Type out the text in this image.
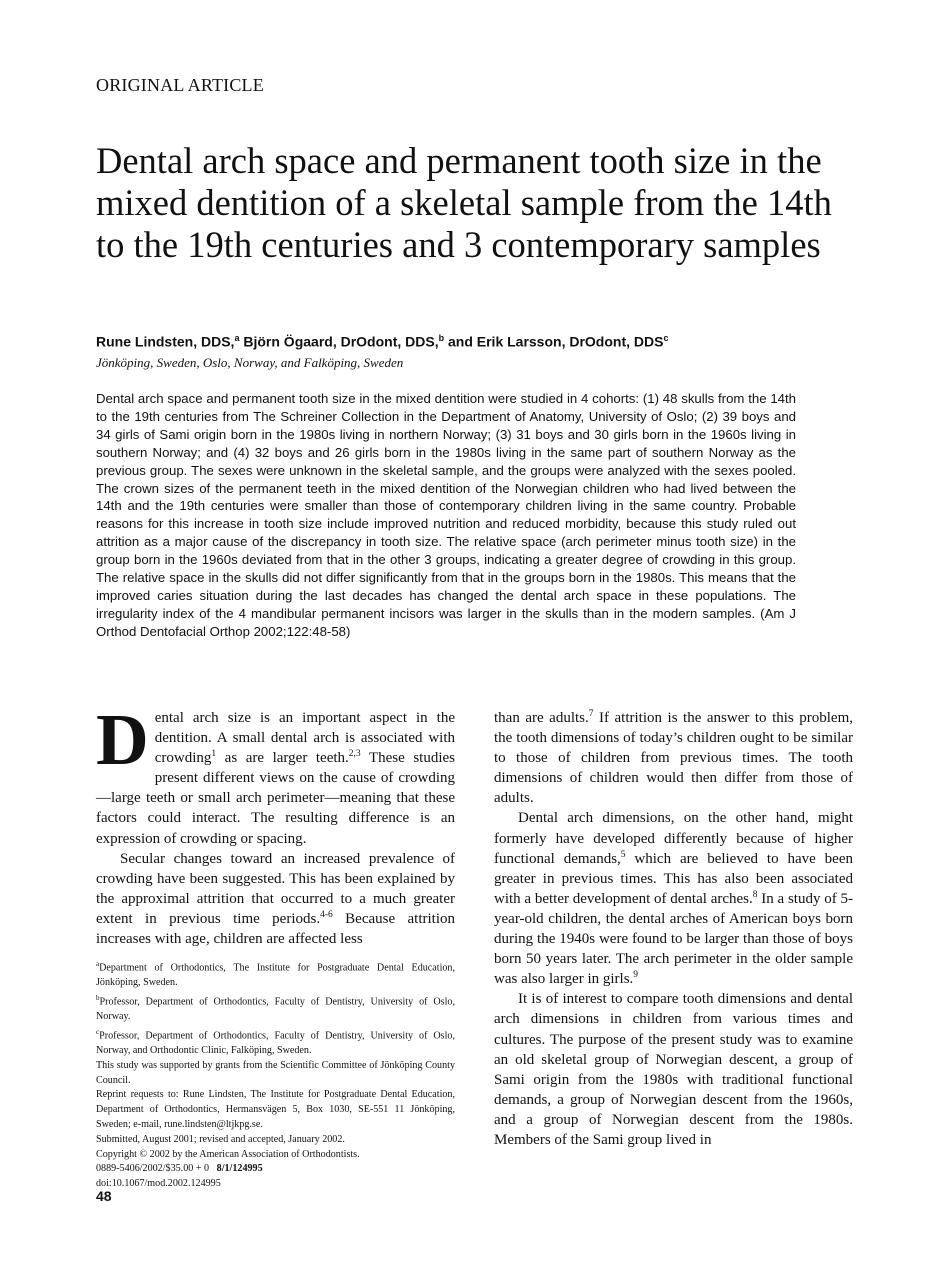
ORIGINAL ARTICLE
Dental arch space and permanent tooth size in the mixed dentition of a skeletal sample from the 14th to the 19th centuries and 3 contemporary samples
Rune Lindsten, DDS,$^a$ Björn Ögaard, DrOdont, DDS,$^b$ and Erik Larsson, DrOdont, DDS$^c$
Jönköping, Sweden, Oslo, Norway, and Falköping, Sweden

Dental arch space and permanent tooth size in the mixed dentition were studied in 4 cohorts: (1) 48 skulls from the 14th to the 19th centuries from The Schreiner Collection in the Department of Anatomy, University of Oslo; (2) 39 boys and 34 girls of Sami origin born in the 1980s living in northern Norway; (3) 31 boys and 30 girls born in the 1960s living in southern Norway; and (4) 32 boys and 26 girls born in the 1980s living in the same part of southern Norway as the previous group. The sexes were unknown in the skeletal sample, and the groups were analyzed with the sexes pooled. The crown sizes of the permanent teeth in the mixed dentition of the Norwegian children who had lived between the 14th and the 19th centuries were smaller than those of contemporary children living in the same country. Probable reasons for this increase in tooth size include improved nutrition and reduced morbidity, because this study ruled out attrition as a major cause of the discrepancy in tooth size. The relative space (arch perimeter minus tooth size) in the group born in the 1960s deviated from that in the other 3 groups, indicating a greater degree of crowding in this group. The relative space in the skulls did not differ significantly from that in the groups born in the 1980s. This means that the improved caries situation during the last decades has changed the dental arch space in these populations. The irregularity index of the 4 mandibular permanent incisors was larger in the skulls than in the modern samples. (Am J Orthod Dentofacial Orthop 2002;122:48-58)

Dental arch size is an important aspect in the dentition. A small dental arch is associated with crowding$^1$ as are larger teeth.$^{2,3}$ These studies present different views on the cause of crowding—large teeth or small arch perimeter—meaning that these factors could interact. The resulting difference is an expression of crowding or spacing.

Secular changes toward an increased prevalence of crowding have been suggested. This has been explained by the approximal attrition that occurred to a much greater extent in previous time periods.$^{4-6}$ Because attrition increases with age, children are affected less

$^a$Department of Orthodontics, The Institute for Postgraduate Dental Education, Jönköping, Sweden.

$^b$Professor, Department of Orthodontics, Faculty of Dentistry, University of Oslo, Norway.

$^c$Professor, Department of Orthodontics, Faculty of Dentistry, University of Oslo, Norway, and Orthodontic Clinic, Falköping, Sweden.

This study was supported by grants from the Scientific Committee of Jönköping County Council.

Reprint requests to: Rune Lindsten, The Institute for Postgraduate Dental Education, Department of Orthodontics, Hermansvägen 5, Box 1030, SE-551 11 Jönköping, Sweden; e-mail, rune.lindsten@ltjkpg.se.

Submitted, August 2001; revised and accepted, January 2002.

Copyright © 2002 by the American Association of Orthodontists.

0889-5406/2002/$35.00 + 0 8/1/124995

doi:10.1067/mod.2002.124995

than are adults.$^7$ If attrition is the answer to this problem, the tooth dimensions of today’s children ought to be similar to those of children from previous times. The tooth dimensions of children would then differ from those of adults.

Dental arch dimensions, on the other hand, might formerly have developed differently because of higher functional demands,$^5$ which are believed to have been greater in previous times. This has also been associated with a better development of dental arches.$^8$ In a study of 5-year-old children, the dental arches of American boys born during the 1940s were found to be larger than those of boys born 50 years later. The arch perimeter in the older sample was also larger in girls.$^9$

It is of interest to compare tooth dimensions and dental arch dimensions in children from various times and cultures. The purpose of the present study was to examine an old skeletal group of Norwegian descent, a group of Sami origin from the 1980s with traditional functional demands, a group of Norwegian descent from the 1960s, and a group of Norwegian descent from the 1980s. Members of the Sami group lived in

48
